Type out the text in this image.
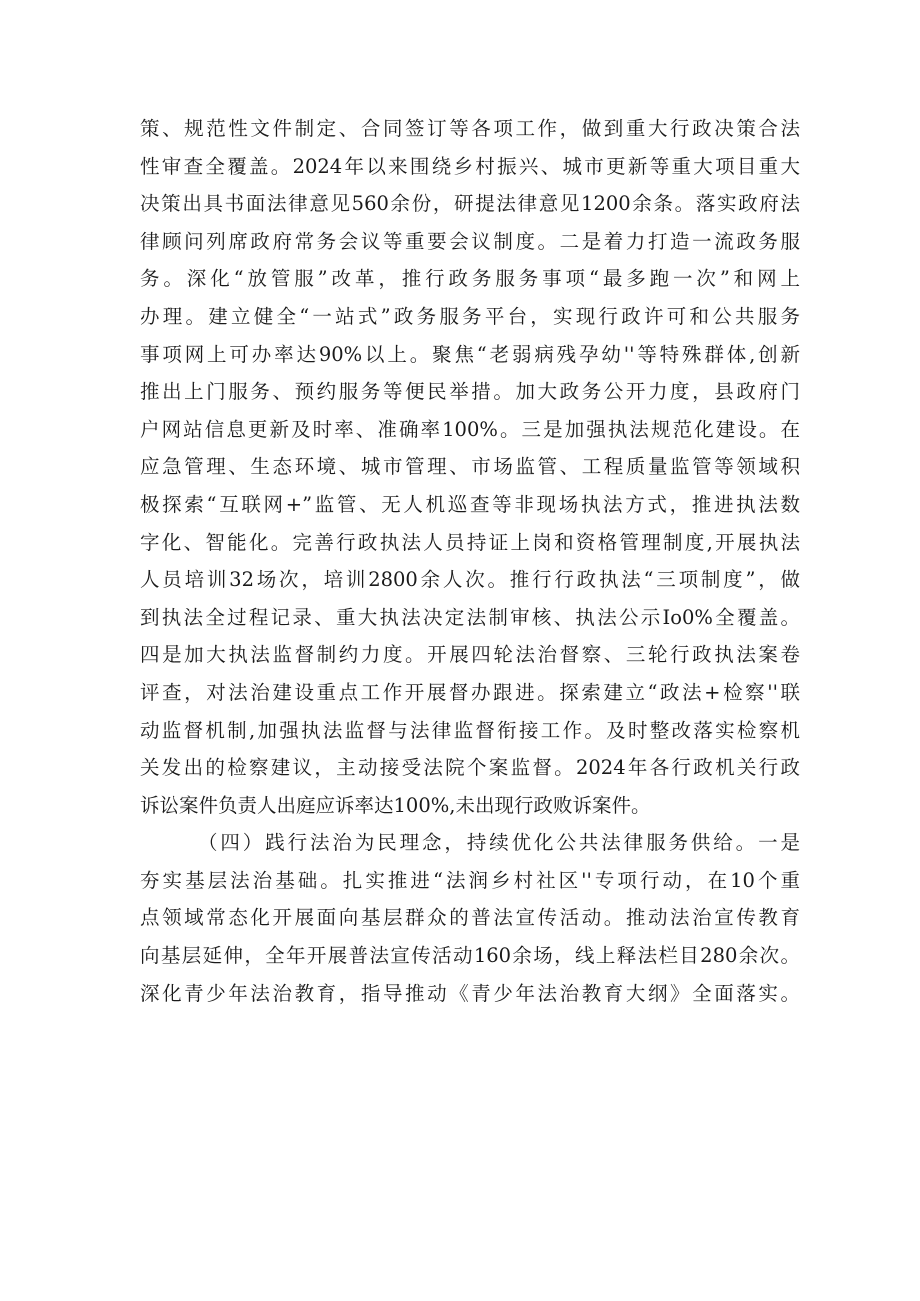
策、规范性文件制定、合同签订等各项工作，做到重大行政决策合法
性审查全覆盖。2024年以来围绕乡村振兴、城市更新等重大项目重大
决策出具书面法律意见560余份，研提法律意见1200余条。落实政府法
律顾问列席政府常务会议等重要会议制度。二是着力打造一流政务服
务。深化“放管服”改革，推行政务服务事项“最多跑一次”和网上
办理。建立健全“一站式”政务服务平台，实现行政许可和公共服务
事项网上可办率达90%以上。聚焦“老弱病残孕幼''等特殊群体,创新
推出上门服务、预约服务等便民举措。加大政务公开力度，县政府门
户网站信息更新及时率、准确率100%。三是加强执法规范化建设。在
应急管理、生态环境、城市管理、市场监管、工程质量监管等领域积
极探索“互联网+”监管、无人机巡查等非现场执法方式，推进执法数
字化、智能化。完善行政执法人员持证上岗和资格管理制度,开展执法
人员培训32场次，培训2800余人次。推行行政执法“三项制度”，做
到执法全过程记录、重大执法决定法制审核、执法公示Io0%全覆盖。
四是加大执法监督制约力度。开展四轮法治督察、三轮行政执法案卷
评查，对法治建设重点工作开展督办跟进。探索建立“政法+检察''联
动监督机制,加强执法监督与法律监督衔接工作。及时整改落实检察机
关发出的检察建议，主动接受法院个案监督。2024年各行政机关行政
诉讼案件负责人出庭应诉率达100%,未出现行政败诉案件。
（四）践行法治为民理念，持续优化公共法律服务供给。一是
夯实基层法治基础。扎实推进“法润乡村社区''专项行动，在10个重
点领域常态化开展面向基层群众的普法宣传活动。推动法治宣传教育
向基层延伸，全年开展普法宣传活动160余场，线上释法栏目280余次。
深化青少年法治教育，指导推动《青少年法治教育大纲》全面落实。
